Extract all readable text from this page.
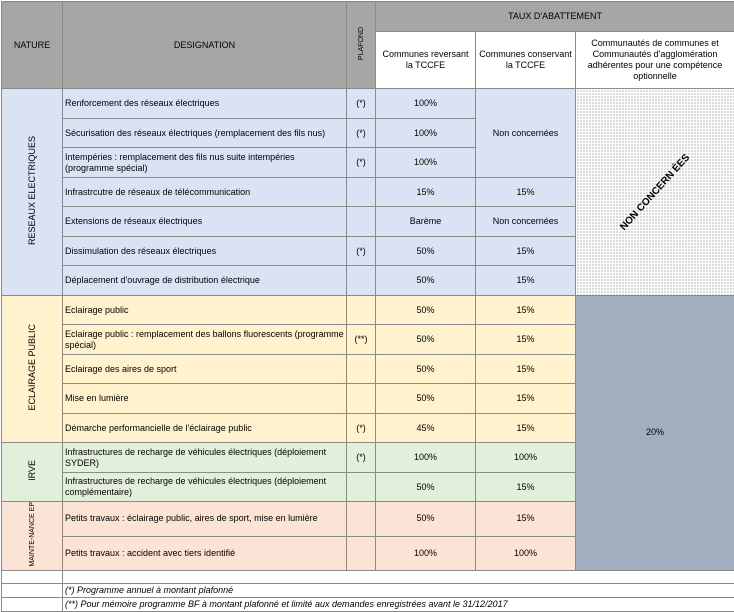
NATURE	DESIGNATION	PLAFOND	TAUX D'ABATTEMENT		
			Communes reversant la TCCFE	Communes conservant la TCCFE	Communautés de communes et Communautés d'agglomération adhérentes pour une compétence optionnelle
RESEAUX ELECTRIQUES	Renforcement des réseaux électriques	(*)	100%	Non concernées	NON CONCERN ÉES

	Sécurisation des réseaux électriques (remplacement des fils nus)	(*)	100%		
	Intempéries : remplacement des fils nus suite intempéries (programme spécial)	(*)	100%		
	Infrastrcutre de réseaux de télécommunication		15%	15%	
	Extensions de réseaux électriques		Barème	Non concernées	
	Dissimulation des réseaux électriques	(*)	50%	15%	
	Déplacement d'ouvrage de distribution électrique		50%	15%	
ECLAIRAGE PUBLIC	Eclairage public		50%	15%	20%
	Eclairage public : remplacement des ballons fluorescents (programme spécial)	(**)	50%	15%	
	Eclairage des aires de sport		50%	15%	
	Mise en lumière		50%	15%	
	Démarche performancielle de l'éclairage public	(*)	45%	15%	
IRVE	Infrastructures de recharge de véhicules électriques (déploiement SYDER)	(*)	100%	100%	
	Infrastructures de recharge de véhicules électriques (déploiement complémentaire)		50%	15%	
MAINTE-NANCE EP	Petits travaux : éclairage public, aires de sport, mise en lumière		50%	15%	
	Petits travaux : accident avec tiers identifié		100%	100%	

	(*) Programme annuel à montant plafonné				
	(**) Pour mémoire programme BF à montant plafonné et limité aux demandes enregistrées avant le 31/12/2017				
